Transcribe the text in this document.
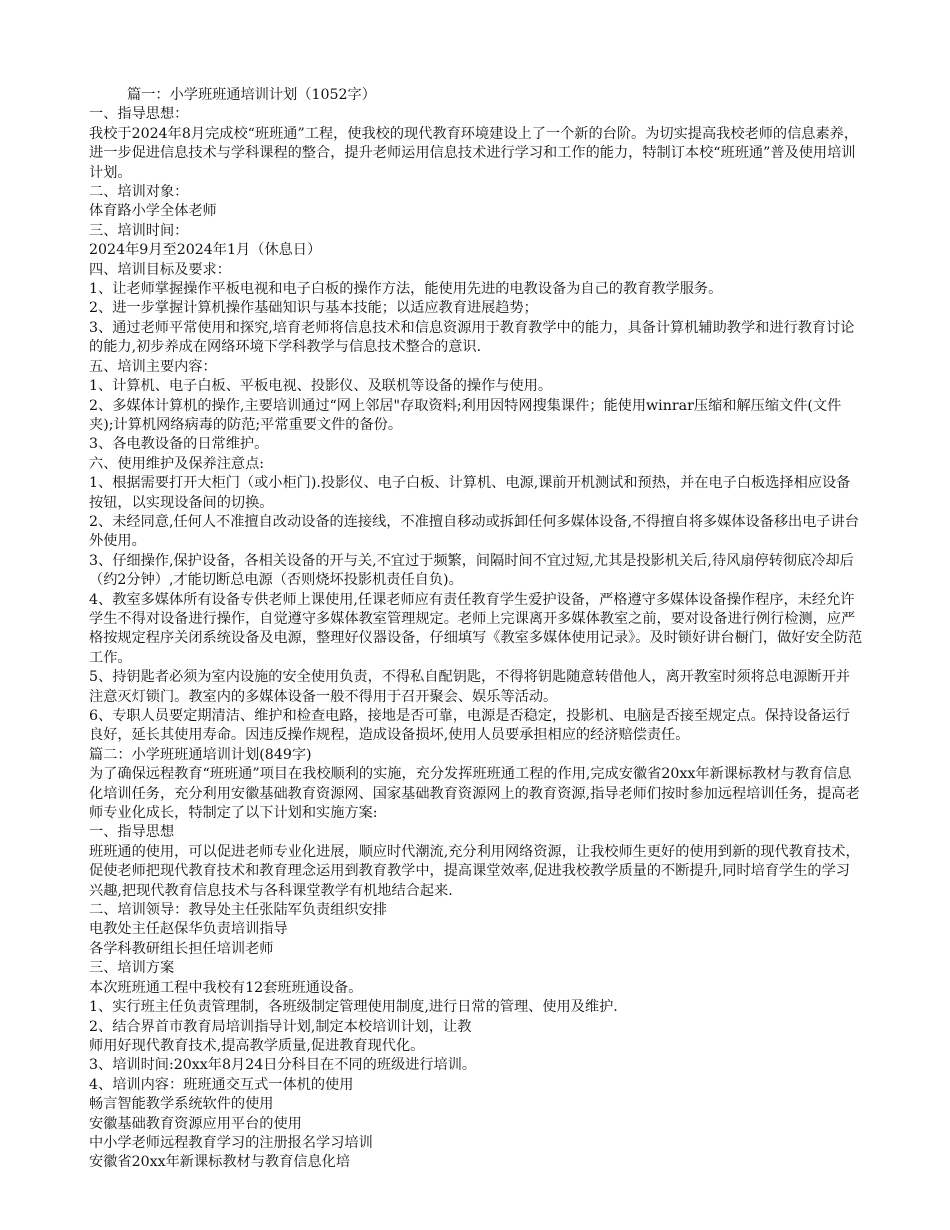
篇一：小学班班通培训计划（1052字）

一、指导思想：

我校于2024年8月完成校“班班通”工程，使我校的现代教育环境建设上了一个新的台阶。为切实提高我校老师的信息素养，进一步促进信息技术与学科课程的整合，提升老师运用信息技术进行学习和工作的能力，特制订本校“班班通”普及使用培训计划。

二、培训对象：

体育路小学全体老师

三、培训时间：

2024年9月至2024年1月（休息日）

四、培训目标及要求：

1、让老师掌握操作平板电视和电子白板的操作方法，能使用先进的电教设备为自己的教育教学服务。

2、进一步掌握计算机操作基础知识与基本技能；以适应教育进展趋势；

3、通过老师平常使用和探究,培育老师将信息技术和信息资源用于教育教学中的能力，具备计算机辅助教学和进行教育讨论的能力,初步养成在网络环境下学科教学与信息技术整合的意识.

五、培训主要内容：

1、计算机、电子白板、平板电视、投影仪、及联机等设备的操作与使用。

2、多媒体计算机的操作,主要培训通过“网上邻居"存取资料;利用因特网搜集课件；能使用winrar压缩和解压缩文件(文件夹);计算机网络病毒的防范;平常重要文件的备份。

3、各电教设备的日常维护。

六、使用维护及保养注意点:

1、根据需要打开大柜门（或小柜门).投影仪、电子白板、计算机、电源,课前开机测试和预热，并在电子白板选择相应设备按钮，以实现设备间的切换。

2、未经同意,任何人不准擅自改动设备的连接线，不准擅自移动或拆卸任何多媒体设备,不得擅自将多媒体设备移出电子讲台外使用。

3、仔细操作,保护设备，各相关设备的开与关,不宜过于频繁，间隔时间不宜过短,尤其是投影机关后,待风扇停转彻底冷却后（约2分钟）,才能切断总电源（否则烧坏投影机责任自负)。

4、教室多媒体所有设备专供老师上课使用,任课老师应有责任教育学生爱护设备，严格遵守多媒体设备操作程序，未经允许学生不得对设备进行操作，自觉遵守多媒体教室管理规定。老师上完课离开多媒体教室之前，要对设备进行例行检测，应严格按规定程序关闭系统设备及电源，整理好仪器设备，仔细填写《教室多媒体使用记录》。及时锁好讲台橱门，做好安全防范工作。

5、持钥匙者必须为室内设施的安全使用负责，不得私自配钥匙，不得将钥匙随意转借他人，离开教室时须将总电源断开并注意灭灯锁门。教室内的多媒体设备一般不得用于召开聚会、娱乐等活动。

6、专职人员要定期清洁、维护和检查电路，接地是否可靠，电源是否稳定，投影机、电脑是否接至规定点。保持设备运行良好，延长其使用寿命。因违反操作规程，造成设备损坏,使用人员要承担相应的经济赔偿责任。

篇二：小学班班通培训计划(849字)

为了确保远程教育“班班通”项目在我校顺利的实施，充分发挥班班通工程的作用,完成安徽省20xx年新课标教材与教育信息化培训任务，充分利用安徽基础教育资源网、国家基础教育资源网上的教育资源,指导老师们按时参加远程培训任务，提高老师专业化成长，特制定了以下计划和实施方案:

一、指导思想

班班通的使用，可以促进老师专业化进展，顺应时代潮流,充分利用网络资源，让我校师生更好的使用到新的现代教育技术，促使老师把现代教育技术和教育理念运用到教育教学中，提高课堂效率,促进我校教学质量的不断提升,同时培育学生的学习兴趣,把现代教育信息技术与各科课堂教学有机地结合起来.

二、培训领导：教导处主任张陆军负责组织安排

电教处主任赵保华负责培训指导

各学科教研组长担任培训老师

三、培训方案

本次班班通工程中我校有12套班班通设备。

1、实行班主任负责管理制，各班级制定管理使用制度,进行日常的管理、使用及维护.

2、结合界首市教育局培训指导计划,制定本校培训计划，让教

师用好现代教育技术,提高教学质量,促进教育现代化。

3、培训时间:20xx年8月24日分科目在不同的班级进行培训。

4、培训内容：班班通交互式一体机的使用

畅言智能教学系统软件的使用

安徽基础教育资源应用平台的使用

中小学老师远程教育学习的注册报名学习培训

安徽省20xx年新课标教材与教育信息化培
